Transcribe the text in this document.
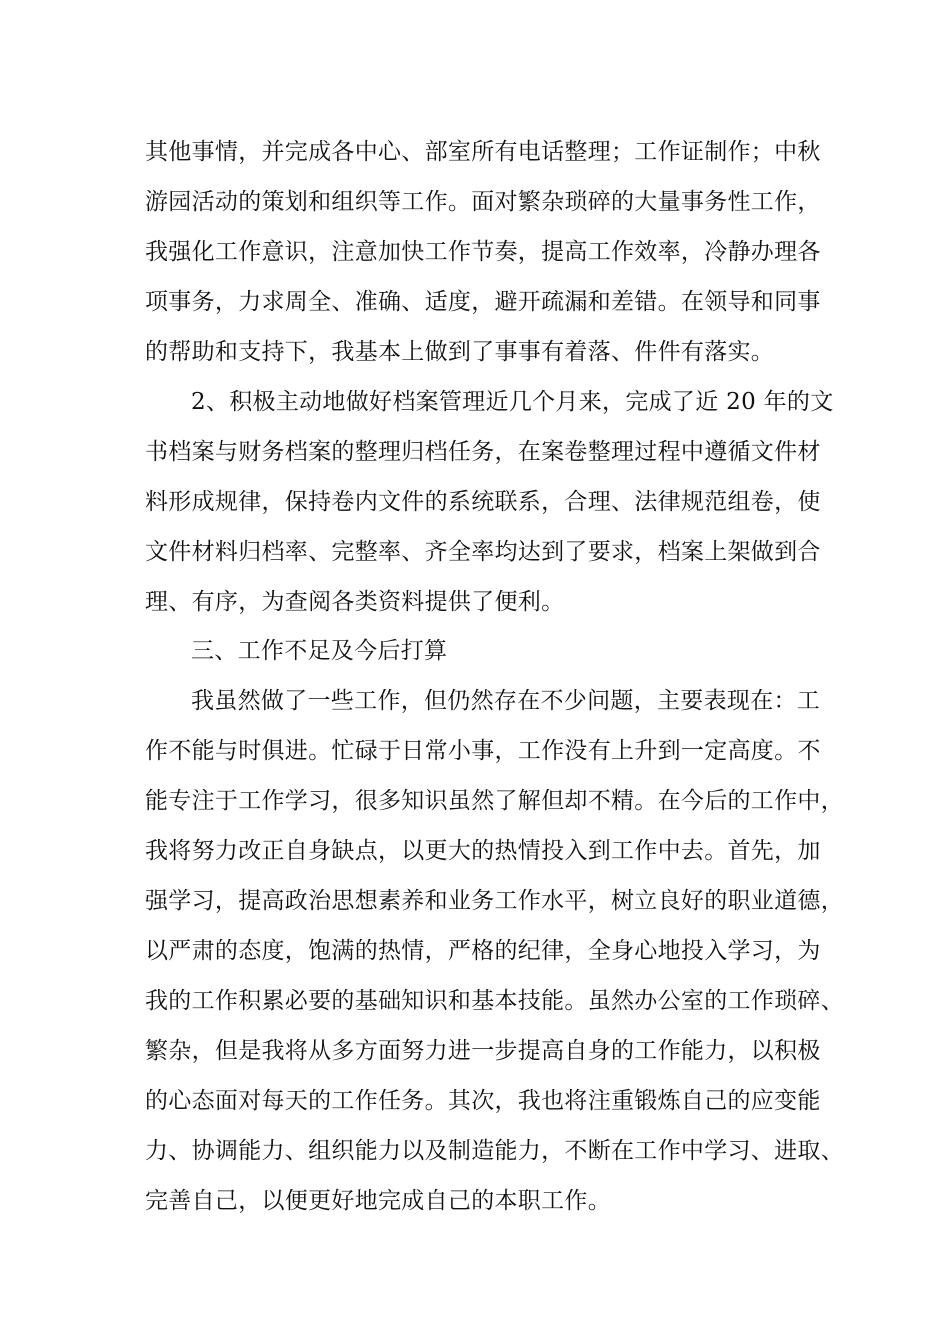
其他事情，并完成各中心、部室所有电话整理；工作证制作；中秋
游园活动的策划和组织等工作。面对繁杂琐碎的大量事务性工作，
我强化工作意识，注意加快工作节奏，提高工作效率，冷静办理各
项事务，力求周全、准确、适度，避开疏漏和差错。在领导和同事
的帮助和支持下，我基本上做到了事事有着落、件件有落实。
2、积极主动地做好档案管理近几个月来，完成了近 20 年的文
书档案与财务档案的整理归档任务，在案卷整理过程中遵循文件材
料形成规律，保持卷内文件的系统联系，合理、法律规范组卷，使
文件材料归档率、完整率、齐全率均达到了要求，档案上架做到合
理、有序，为查阅各类资料提供了便利。
三、工作不足及今后打算
我虽然做了一些工作，但仍然存在不少问题，主要表现在：工
作不能与时俱进。忙碌于日常小事，工作没有上升到一定高度。不
能专注于工作学习，很多知识虽然了解但却不精。在今后的工作中，
我将努力改正自身缺点，以更大的热情投入到工作中去。首先，加
强学习，提高政治思想素养和业务工作水平，树立良好的职业道德，
以严肃的态度，饱满的热情，严格的纪律，全身心地投入学习，为
我的工作积累必要的基础知识和基本技能。虽然办公室的工作琐碎、
繁杂，但是我将从多方面努力进一步提高自身的工作能力，以积极
的心态面对每天的工作任务。其次，我也将注重锻炼自己的应变能
力、协调能力、组织能力以及制造能力，不断在工作中学习、进取、
完善自己，以便更好地完成自己的本职工作。
